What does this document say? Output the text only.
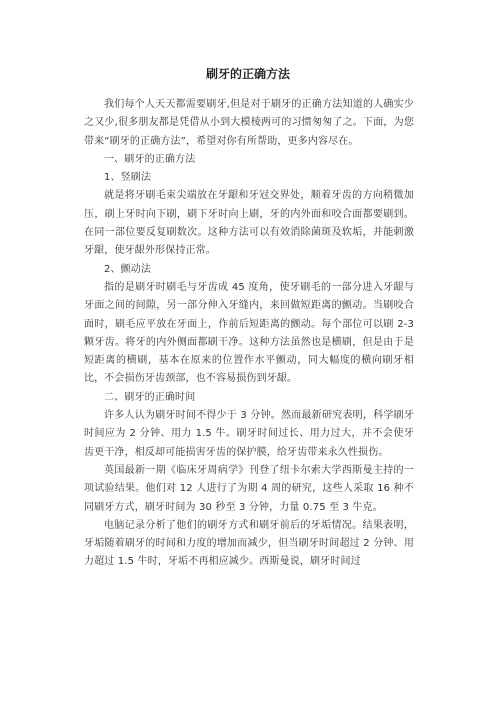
刷牙的正确方法

我们每个人天天都需要刷牙,但是对于刷牙的正确方法知道的人确实少之又少,很多朋友都是凭借从小到大模棱两可的习惯匆匆了之。下面，为您带来“刷牙的正确方法”，希望对你有所帮助，更多内容尽在。

一、刷牙的正确方法

1、竖刷法

就是将牙刷毛束尖端放在牙龈和牙冠交界处，顺着牙齿的方向稍微加压，刷上牙时向下刷，刷下牙时向上刷，牙的内外面和咬合面都要刷到。在同一部位要反复刷数次。这种方法可以有效消除菌斑及软垢，并能刺激牙龈，使牙龈外形保持正常。

2、颤动法

指的是刷牙时刷毛与牙齿成 45 度角，使牙刷毛的一部分进入牙龈与牙面之间的间隙，另一部分伸入牙缝内，来回做短距离的颤动。当刷咬合面时，刷毛应平放在牙面上，作前后短距离的颤动。每个部位可以刷 2-3 颗牙齿。将牙的内外侧面都刷干净。这种方法虽然也是横刷，但是由于是短距离的横刷，基本在原来的位置作水平颤动，同大幅度的横向刷牙相比，不会损伤牙齿颈部，也不容易损伤到牙龈。

二、刷牙的正确时间

许多人认为刷牙时间不得少于 3 分钟。然而最新研究表明，科学刷牙时间应为 2 分钟、用力 1.5 牛。刷牙时间过长、用力过大，并不会使牙齿更干净，相反却可能损害牙齿的保护膜，给牙齿带来永久性损伤。

英国最新一期《临床牙周病学》刊登了纽卡尔索大学西斯曼主持的一项试验结果。他们对 12 人进行了为期 4 周的研究，这些人采取 16 种不同刷牙方式，刷牙时间为 30 秒至 3 分钟，力量 0.75 至 3 牛克。

电脑记录分析了他们的刷牙方式和刷牙前后的牙垢情况。结果表明，牙垢随着刷牙的时间和力度的增加而减少，但当刷牙时间超过 2 分钟、用力超过 1.5 牛时，牙垢不再相应减少。西斯曼说，刷牙时间过
